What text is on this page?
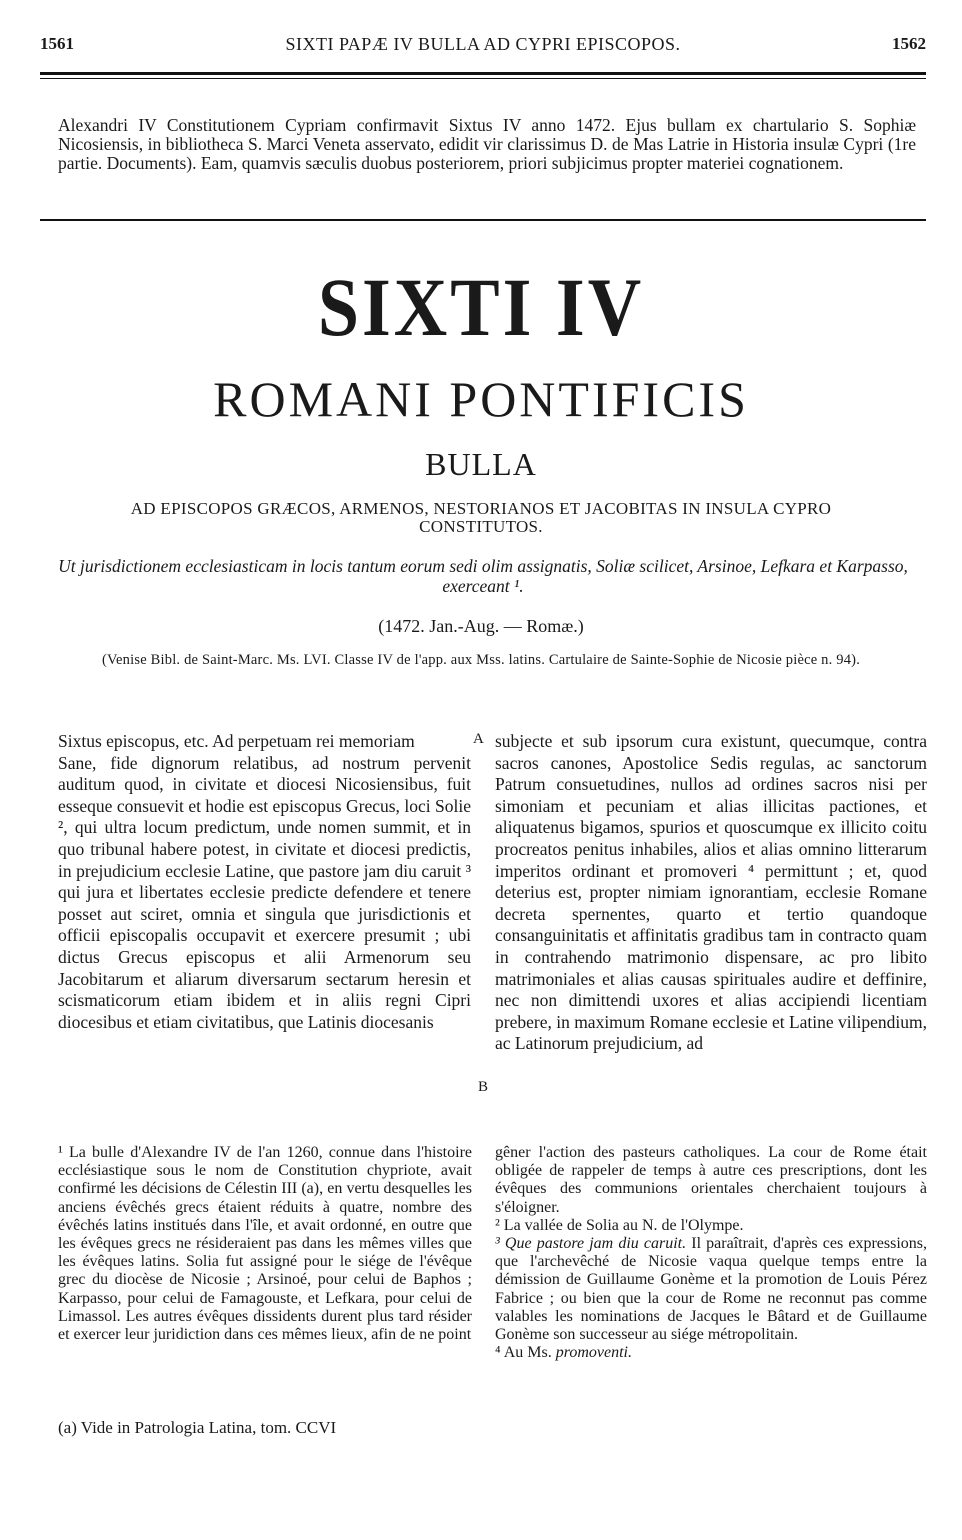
1561	SIXTI PAPÆ IV BULLA AD CYPRI EPISCOPOS.	1562
Alexandri IV Constitutionem Cypriam confirmavit Sixtus IV anno 1472. Ejus bullam ex chartulario S. Sophiæ Nicosiensis, in bibliotheca S. Marci Veneta asservato, edidit vir clarissimus D. de Mas Latrie in Historia insulæ Cypri (1re partie. Documents). Eam, quamvis sæculis duobus posteriorem, priori subjicimus propter materiei cognationem.
SIXTI IV
ROMANI PONTIFICIS
BULLA
AD EPISCOPOS GRÆCOS, ARMENOS, NESTORIANOS ET JACOBITAS IN INSULA CYPRO CONSTITUTOS.
Ut jurisdictionem ecclesiasticam in locis tantum eorum sedi olim assignatis, Soliæ scilicet, Arsinoe, Lefkara et Karpasso, exerceant ¹.
(1472. Jan.-Aug. — Romæ.)
(Venise Bibl. de Saint-Marc. Ms. LVI. Classe IV de l'app. aux Mss. latins. Cartulaire de Sainte-Sophie de Nicosie pièce n. 94).
A
B

Sixtus episcopus, etc. Ad perpetuam rei memoriam

Sane, fide dignorum relatibus, ad nostrum pervenit auditum quod, in civitate et diocesi Nicosiensibus, fuit esseque consuevit et hodie est episcopus Grecus, loci Solie ², qui ultra locum predictum, unde nomen summit, et in quo tribunal habere potest, in civitate et diocesi predictis, in prejudicium ecclesie Latine, que pastore jam diu caruit ³ qui jura et libertates ecclesie predicte defendere et tenere posset aut sciret, omnia et singula que jurisdictionis et officii episcopalis occupavit et exercere presumit ; ubi dictus Grecus episcopus et alii Armenorum seu Jacobitarum et aliarum diversarum sectarum heresin et scismaticorum etiam ibidem et in aliis regni Cipri diocesibus et etiam civitatibus, que Latinis diocesanis

subjecte et sub ipsorum cura existunt, quecumque, contra sacros canones, Apostolice Sedis regulas, ac sanctorum Patrum consuetudines, nullos ad ordines sacros nisi per simoniam et pecuniam et alias illicitas pactiones, et aliquatenus bigamos, spurios et quoscumque ex illicito coitu procreatos penitus inhabiles, alios et alias omnino litterarum imperitos ordinant et promoveri ⁴ permittunt ; et, quod deterius est, propter nimiam ignorantiam, ecclesie Romane decreta spernentes, quarto et tertio quandoque consanguinitatis et affinitatis gradibus tam in contracto quam in contrahendo matrimonio dispensare, ac pro libito matrimoniales et alias causas spirituales audire et deffinire, nec non dimittendi uxores et alias accipiendi licentiam prebere, in maximum Romane ecclesie et Latine vilipendium, ac Latinorum prejudicium, ad

¹ La bulle d'Alexandre IV de l'an 1260, connue dans l'histoire ecclésiastique sous le nom de Constitution chypriote, avait confirmé les décisions de Célestin III (a), en vertu desquelles les anciens évêchés grecs étaient réduits à quatre, nombre des évêchés latins institués dans l'île, et avait ordonné, en outre que les évêques grecs ne résideraient pas dans les mêmes villes que les évêques latins. Solia fut assigné pour le siége de l'évêque grec du diocèse de Nicosie ; Arsinoé, pour celui de Baphos ; Karpasso, pour celui de Famagouste, et Lefkara, pour celui de Limassol. Les autres évêques dissidents durent plus tard résider et exercer leur juridiction dans ces mêmes lieux, afin de ne point

(a) Vide in Patrologia Latina, tom. CCVI

gêner l'action des pasteurs catholiques. La cour de Rome était obligée de rappeler de temps à autre ces prescriptions, dont les évêques des communions orientales cherchaient toujours à s'éloigner.

² La vallée de Solia au N. de l'Olympe.

³ Que pastore jam diu caruit. Il paraîtrait, d'après ces expressions, que l'archevêché de Nicosie vaqua quelque temps entre la démission de Guillaume Gonème et la promotion de Louis Pérez Fabrice ; ou bien que la cour de Rome ne reconnut pas comme valables les nominations de Jacques le Bâtard et de Guillaume Gonème son successeur au siége métropolitain.

⁴ Au Ms. promoventi.
